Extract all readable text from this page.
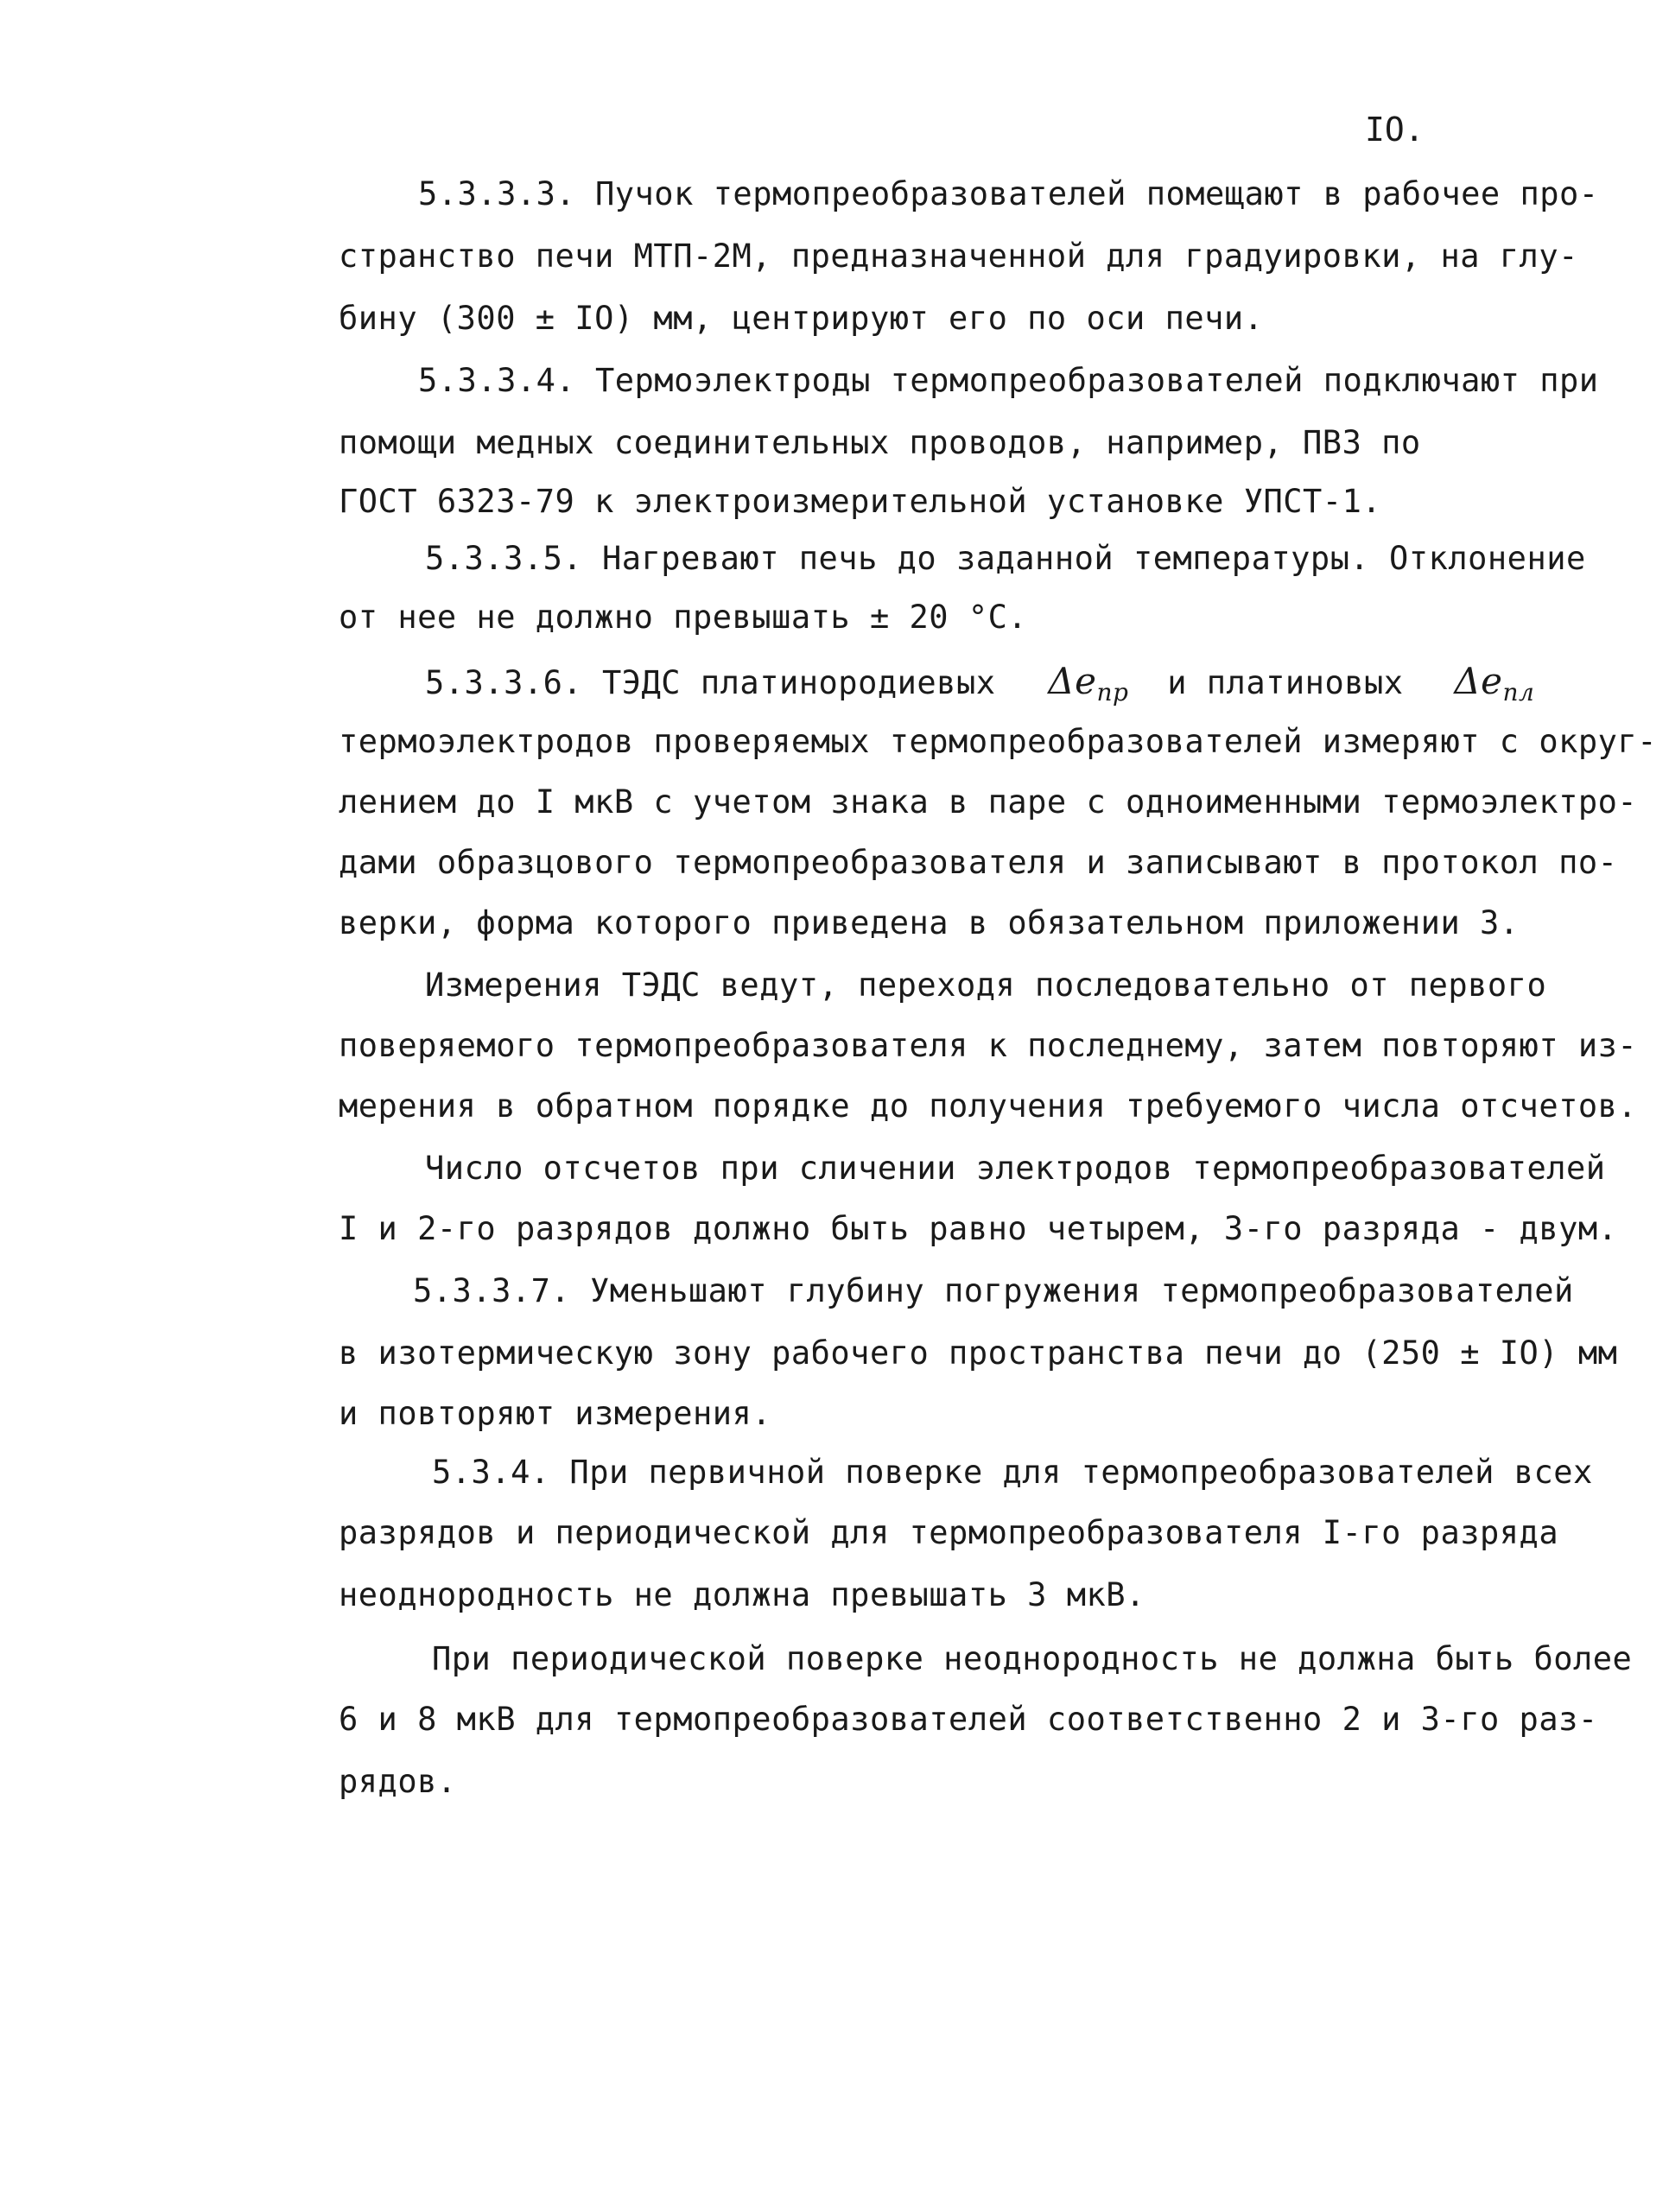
IO.
5.3.3.3. Пучок термопреобразователей помещают в рабочее про-
странство печи МТП-2М, предназначенной для градуировки, на глу-
бину (300 ± IO) мм, центрируют его по оси печи.
5.3.3.4. Термоэлектроды термопреобразователей подключают при
помощи медных соединительных проводов, например, ПВЗ по
ГОСТ 6323-79 к электроизмерительной установке УПСТ-1.
5.3.3.5. Нагревают печь до заданной температуры. Отклонение
от нее не должно превышать ± 20 °С.
5.3.3.6. ТЭДС платинородиевых $\Delta e_{пр}$ и платиновых $\Delta e_{пл}$
термоэлектродов проверяемых термопреобразователей измеряют с округ-
лением до I мкВ с учетом знака в паре с одноименными термоэлектро-
дами образцового термопреобразователя и записывают в протокол по-
верки, форма которого приведена в обязательном приложении 3.
Измерения ТЭДС ведут, переходя последовательно от первого
поверяемого термопреобразователя к последнему, затем повторяют из-
мерения в обратном порядке до получения требуемого числа отсчетов.
Число отсчетов при сличении электродов термопреобразователей
I и 2-го разрядов должно быть равно четырем, 3-го разряда - двум.
5.3.3.7. Уменьшают глубину погружения термопреобразователей
в изотермическую зону рабочего пространства печи до (250 ± IO) мм
и повторяют измерения.
5.3.4. При первичной поверке для термопреобразователей всех
разрядов и периодической для термопреобразователя I-го разряда
неоднородность не должна превышать 3 мкВ.
При периодической поверке неоднородность не должна быть более
6 и 8 мкВ для термопреобразователей соответственно 2 и 3-го раз-
рядов.
